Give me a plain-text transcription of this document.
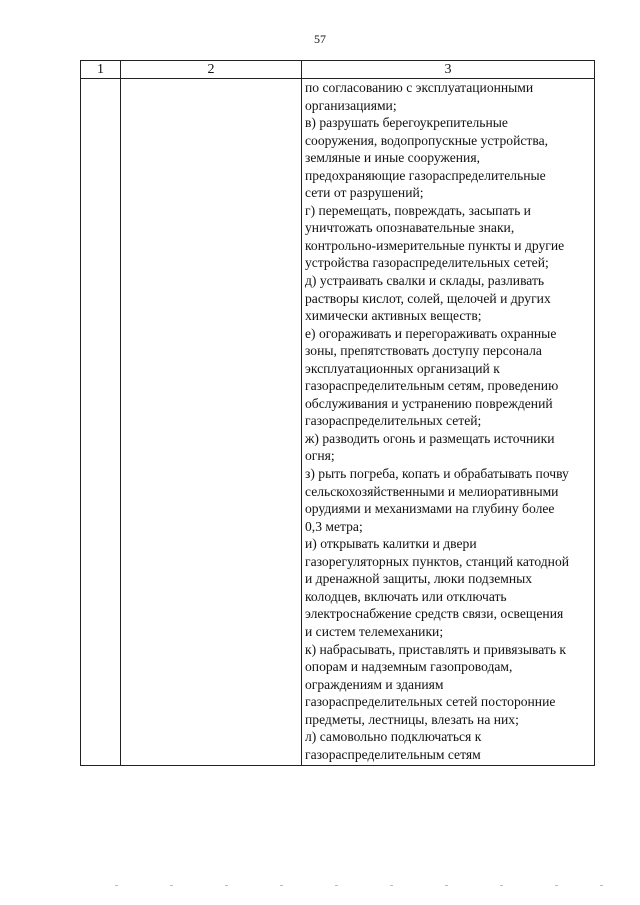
57
1	2	3
по согласованию с эксплуатационными
организациями;
в) разрушать берегоукрепительные
сооружения, водопропускные устройства,
земляные и иные сооружения,
предохраняющие газораспределительные
сети от разрушений;
г) перемещать, повреждать, засыпать и
уничтожать опознавательные знаки,
контрольно-измерительные пункты и другие
устройства газораспределительных сетей;
д) устраивать свалки и склады, разливать
растворы кислот, солей, щелочей и других
химически активных веществ;
е) огораживать и перегораживать охранные
зоны, препятствовать доступу персонала
эксплуатационных организаций к
газораспределительным сетям, проведению
обслуживания и устранению повреждений
газораспределительных сетей;
ж) разводить огонь и размещать источники
огня;
з) рыть погреба, копать и обрабатывать почву
сельскохозяйственными и мелиоративными
орудиями и механизмами на глубину более
0,3 метра;
и) открывать калитки и двери
газорегуляторных пунктов, станций катодной
и дренажной защиты, люки подземных
колодцев, включать или отключать
электроснабжение средств связи, освещения
и систем телемеханики;
к) набрасывать, приставлять и привязывать к
опорам и надземным газопроводам,
ограждениям и зданиям
газораспределительных сетей посторонние
предметы, лестницы, влезать на них;
л) самовольно подключаться к
газораспределительным сетям
